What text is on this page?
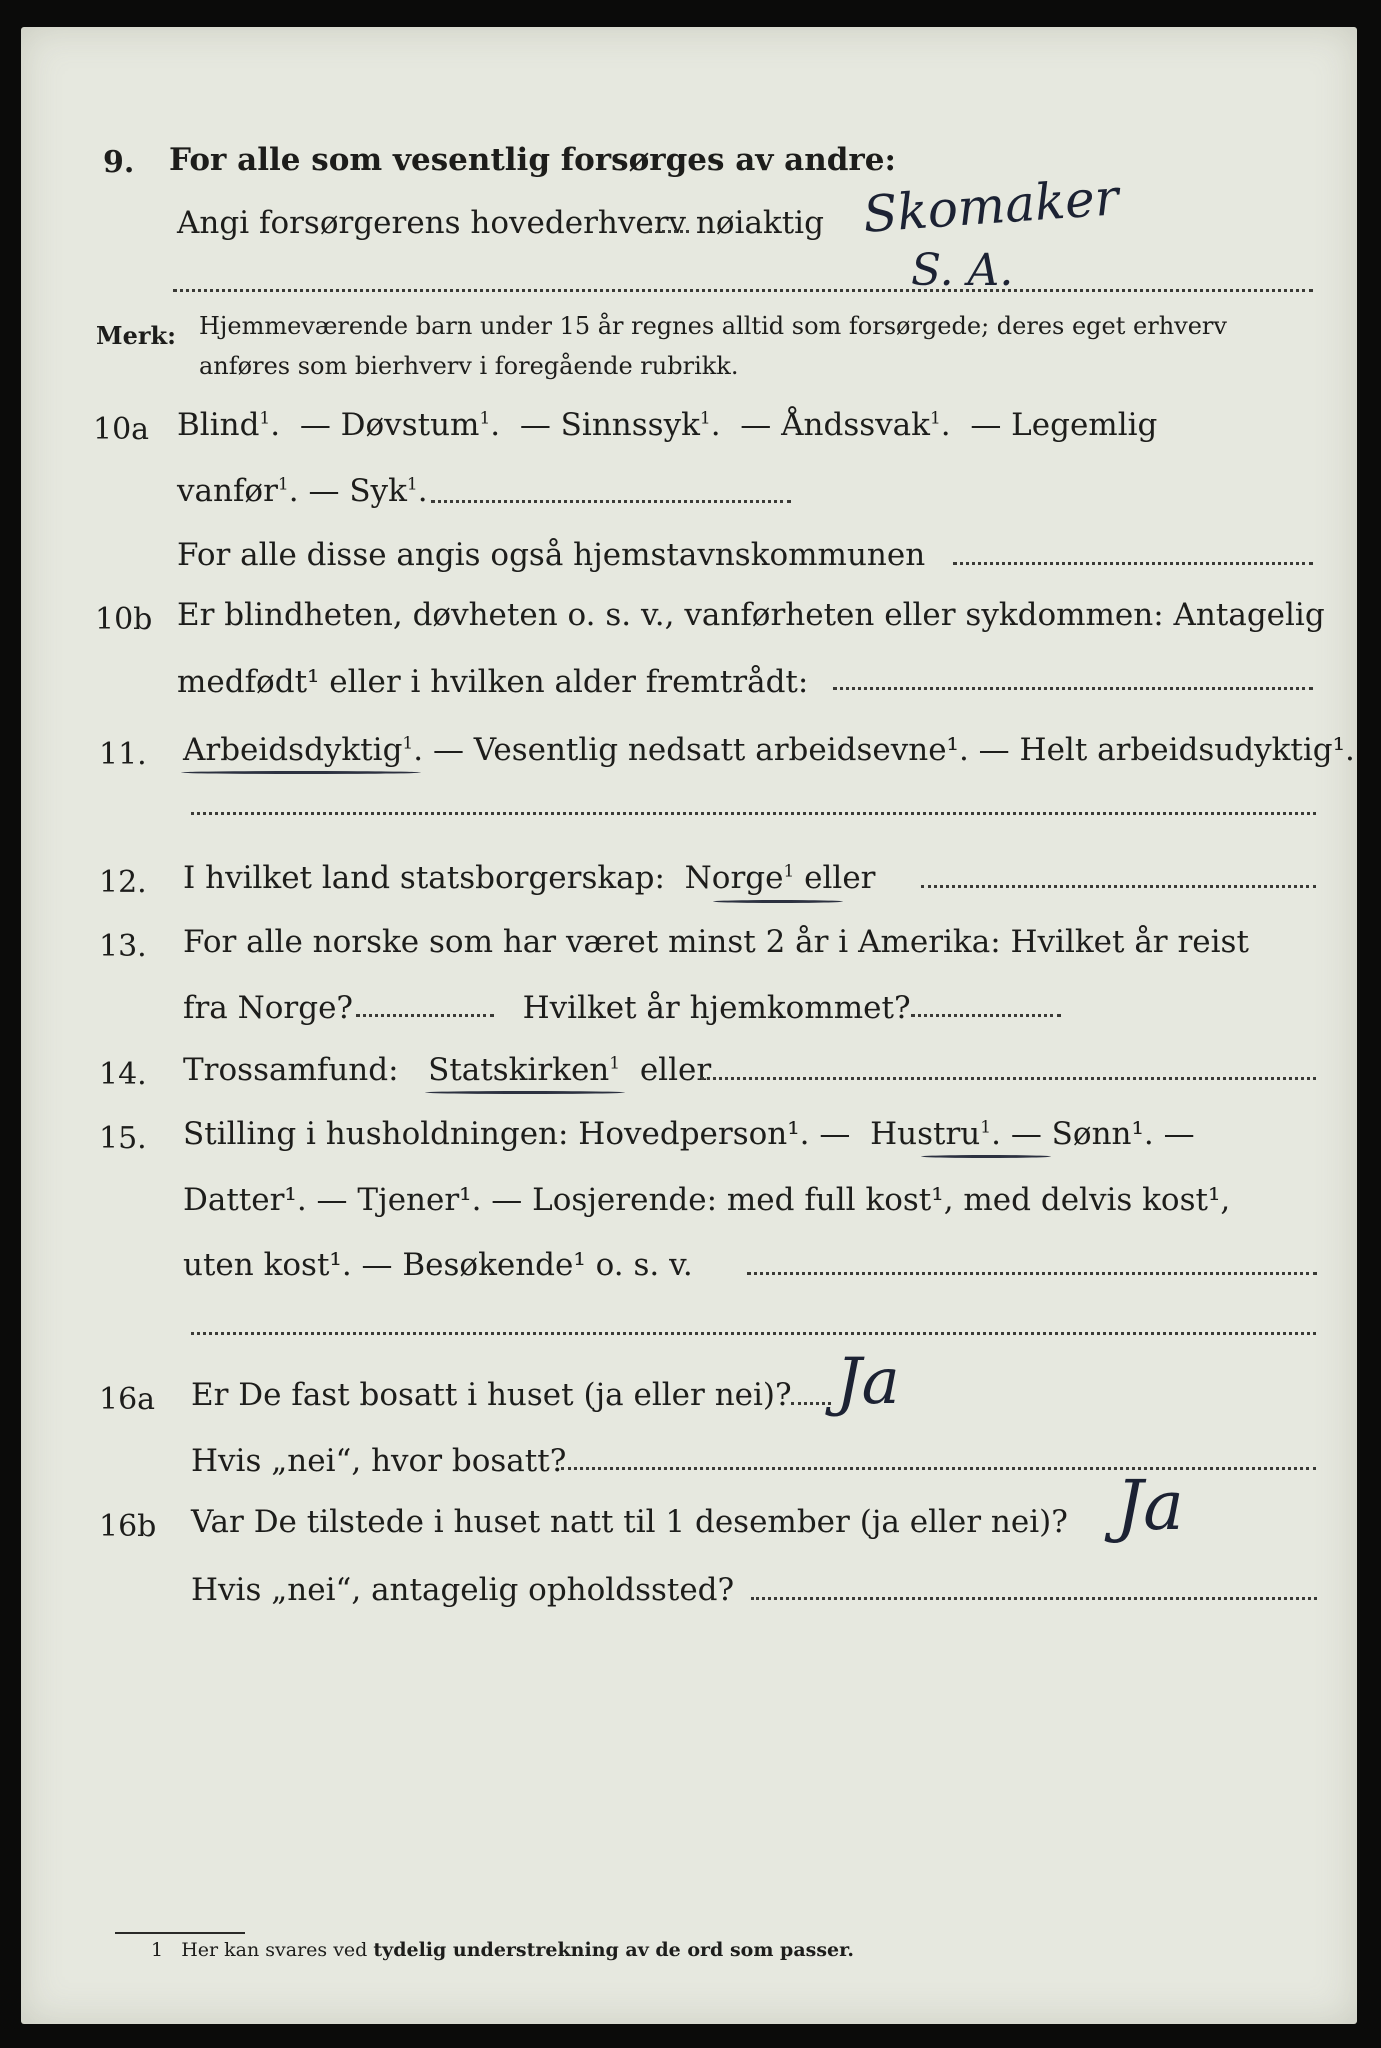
9. For alle som vesentlig forsørges av andre:
Angi forsørgerens hovederhverv nøiaktig Skomaker
S. A.
Merk: Hjemmeværende barn under 15 år regnes alltid som forsørgede; deres eget erhverv
anføres som bierhverv i foregående rubrikk.
10a Blind$^1$.  — Døvstum$^1$.  — Sinnssyk$^1$.  — Åndssvak$^1$.  — Legemlig
vanfør$^1$. — Syk$^1$.
For alle disse angis også hjemstavnskommunen
10b Er blindheten, døvheten o. s. v., vanførheten eller sykdommen: Antagelig
medfødt¹ eller i hvilken alder fremtrådt:
11. Arbeidsdyktig$^1$. — Vesentlig nedsatt arbeidsevne¹. — Helt arbeidsudyktig¹.
12. I hvilket land statsborgerskap: Norge$^1$ eller
13. For alle norske som har været minst 2 år i Amerika: Hvilket år reist
fra Norge?	Hvilket år hjemkommet?
14. Trossamfund: Statskirken$^1$ eller
15. Stilling i husholdningen: Hovedperson¹. — Hustru$^1$. — Sønn¹. —
Datter¹. — Tjener¹. — Losjerende: med full kost¹, med delvis kost¹,
uten kost¹. — Besøkende¹ o. s. v.
16a Er De fast bosatt i huset (ja eller nei)? Ja
Hvis „nei“, hvor bosatt?
16b Var De tilstede i huset natt til 1 desember (ja eller nei)? Ja
Hvis „nei“, antagelig opholdssted?
1 Her kan svares ved tydelig understrekning av de ord som passer.
